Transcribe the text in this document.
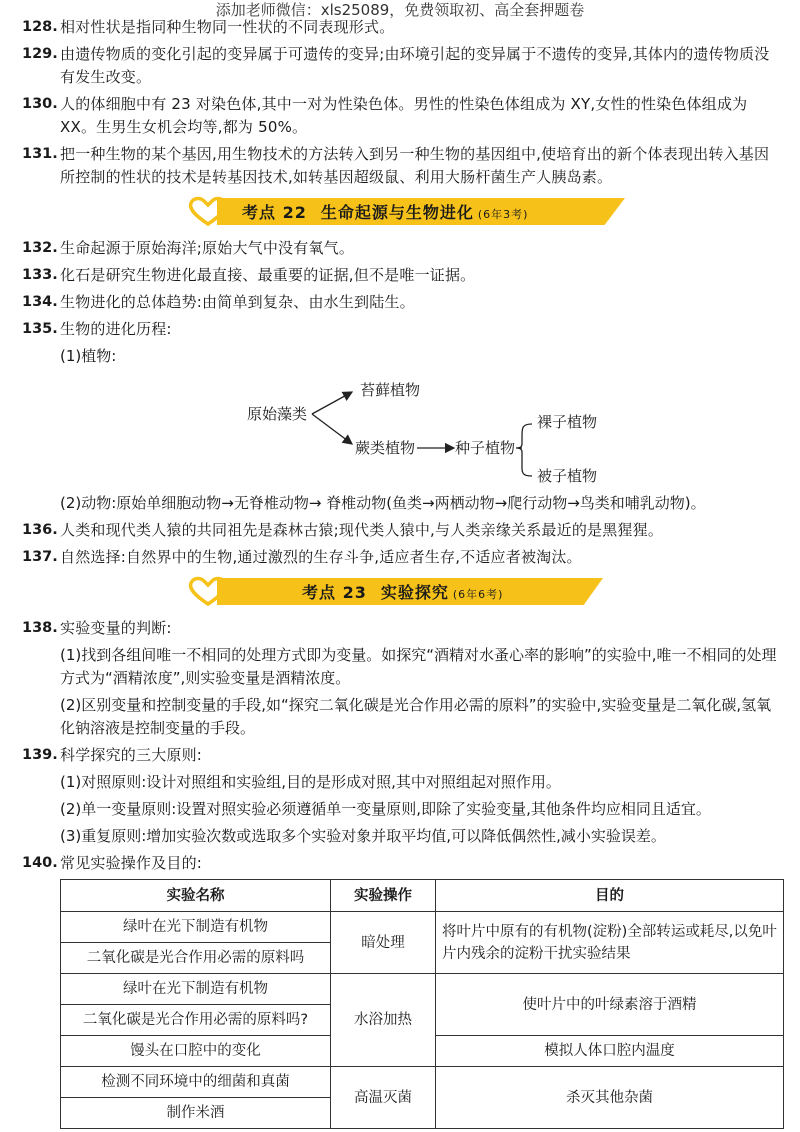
添加老师微信：xls25089，免费领取初、高全套押题卷
128. 相对性状是指同种生物同一性状的不同表现形式。
129. 由遗传物质的变化引起的变异属于可遗传的变异;由环境引起的变异属于不遗传的变异,其体内的遗传物质没有发生改变。
130. 人的体细胞中有 23 对染色体,其中一对为性染色体。男性的性染色体组成为 XY,女性的性染色体组成为 XX。生男生女机会均等,都为 50%。
131. 把一种生物的某个基因,用生物技术的方法转入到另一种生物的基因组中,使培育出的新个体表现出转入基因所控制的性状的技术是转基因技术,如转基因超级鼠、利用大肠杆菌生产人胰岛素。
考点 22 生命起源与生物进化 (6年3考)
132. 生命起源于原始海洋;原始大气中没有氧气。
133. 化石是研究生物进化最直接、最重要的证据,但不是唯一证据。
134. 生物进化的总体趋势:由简单到复杂、由水生到陆生。
135. 生物的进化历程:
(1)植物:
原始藻类
苔藓植物
蕨类植物	种子植物
裸子植物
被子植物
(2)动物:原始单细胞动物→无脊椎动物→ 脊椎动物(鱼类→两栖动物→爬行动物→鸟类和哺乳动物)。
136. 人类和现代类人猿的共同祖先是森林古猿;现代类人猿中,与人类亲缘关系最近的是黑猩猩。
137. 自然选择:自然界中的生物,通过激烈的生存斗争,适应者生存,不适应者被淘汰。
考点 23 实验探究 (6年6考)
138. 实验变量的判断:
(1)找到各组间唯一不相同的处理方式即为变量。如探究“酒精对水蚤心率的影响”的实验中,唯一不相同的处理方式为“酒精浓度”,则实验变量是酒精浓度。
(2)区别变量和控制变量的手段,如“探究二氧化碳是光合作用必需的原料”的实验中,实验变量是二氧化碳,氢氧化钠溶液是控制变量的手段。
139. 科学探究的三大原则:
(1)对照原则:设计对照组和实验组,目的是形成对照,其中对照组起对照作用。
(2)单一变量原则:设置对照实验必须遵循单一变量原则,即除了实验变量,其他条件均应相同且适宜。
(3)重复原则:增加实验次数或选取多个实验对象并取平均值,可以降低偶然性,减小实验误差。
140. 常见实验操作及目的:
实验名称	实验操作	目的
绿叶在光下制造有机物	暗处理	将叶片中原有的有机物(淀粉)全部转运或耗尽,以免叶片内残余的淀粉干扰实验结果
二氧化碳是光合作用必需的原料吗		
绿叶在光下制造有机物	水浴加热	使叶片中的叶绿素溶于酒精
二氧化碳是光合作用必需的原料吗?		
馒头在口腔中的变化		模拟人体口腔内温度
检测不同环境中的细菌和真菌	高温灭菌	杀灭其他杂菌
制作米酒		
